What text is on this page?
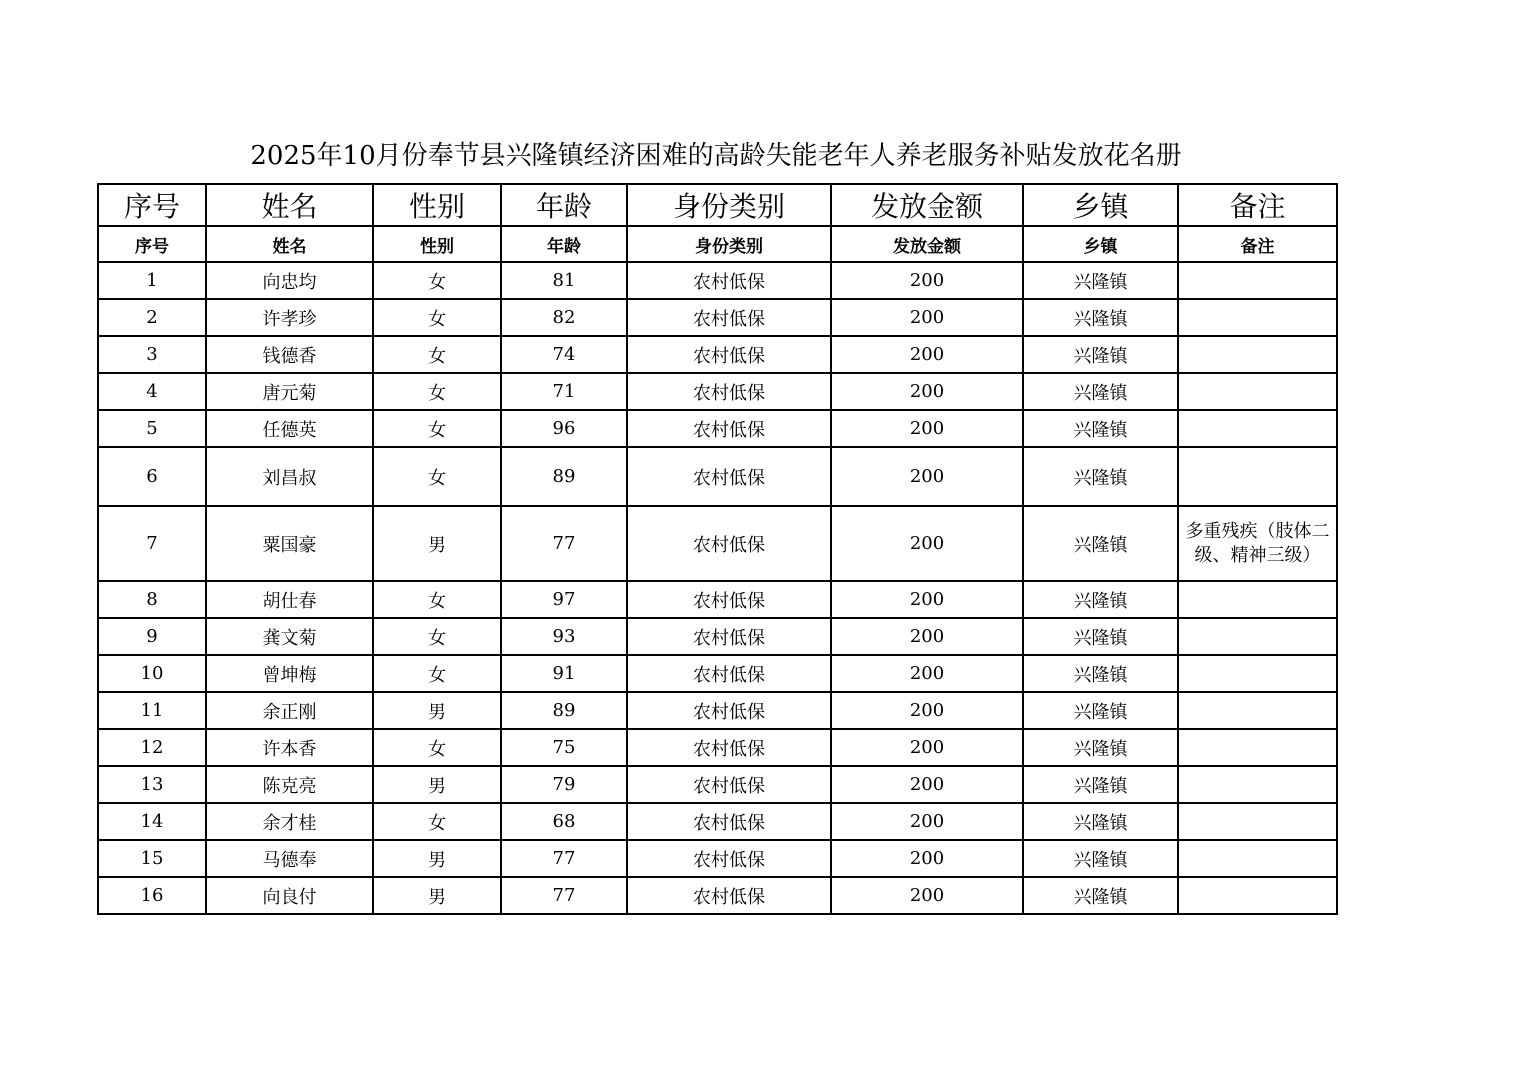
2025年10月份奉节县兴隆镇经济困难的高龄失能老年人养老服务补贴发放花名册
序号	姓名	性别	年龄	身份类别	发放金额	乡镇	备注
序号	姓名	性别	年龄	身份类别	发放金额	乡镇	备注
1	向忠均	女	81	农村低保	200	兴隆镇	
2	许孝珍	女	82	农村低保	200	兴隆镇	
3	钱德香	女	74	农村低保	200	兴隆镇	
4	唐元菊	女	71	农村低保	200	兴隆镇	
5	任德英	女	96	农村低保	200	兴隆镇	
6	刘昌叔	女	89	农村低保	200	兴隆镇	
7	粟国豪	男	77	农村低保	200	兴隆镇	多重残疾（肢体二级、精神三级）
8	胡仕春	女	97	农村低保	200	兴隆镇	
9	龚文菊	女	93	农村低保	200	兴隆镇	
10	曾坤梅	女	91	农村低保	200	兴隆镇	
11	余正刚	男	89	农村低保	200	兴隆镇	
12	许本香	女	75	农村低保	200	兴隆镇	
13	陈克亮	男	79	农村低保	200	兴隆镇	
14	余才桂	女	68	农村低保	200	兴隆镇	
15	马德奉	男	77	农村低保	200	兴隆镇	
16	向良付	男	77	农村低保	200	兴隆镇	
